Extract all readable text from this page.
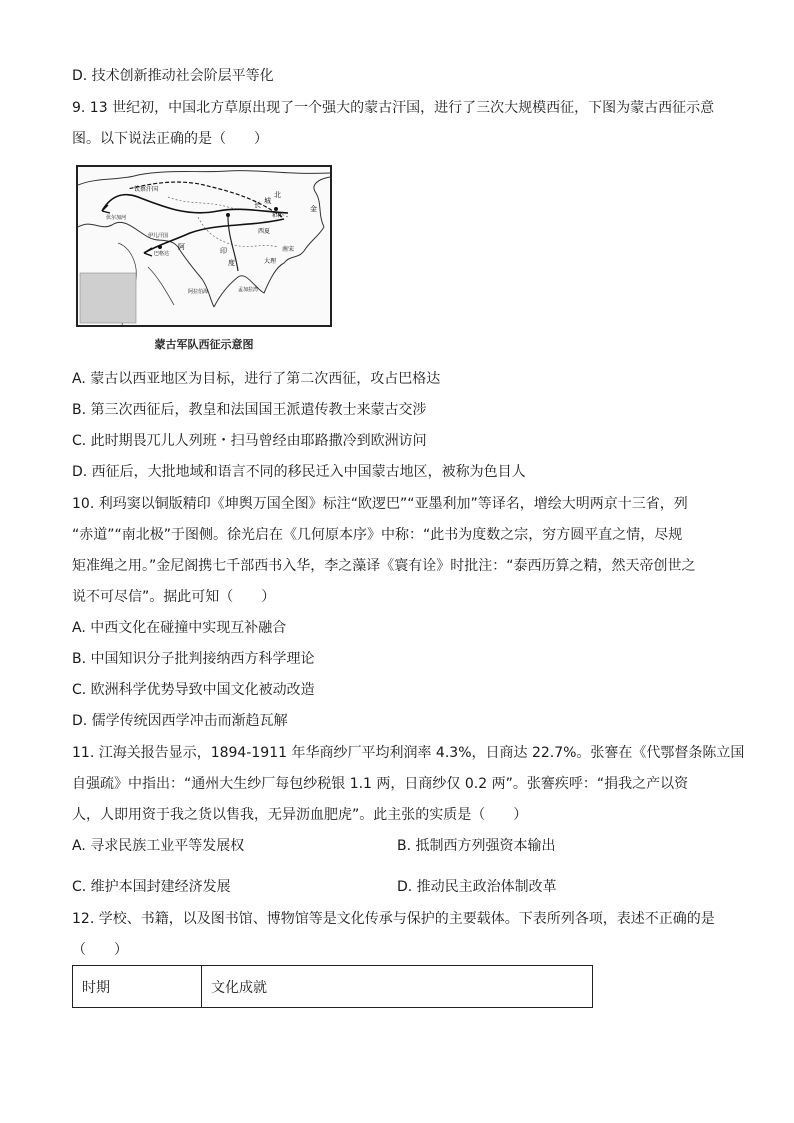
D. 技术创新推动社会阶层平等化
9. 13 世纪初，中国北方草原出现了一个强大的蒙古汗国，进行了三次大规模西征，下图为蒙古西征示意
图。以下说法正确的是（　　）
钦察汗国
伏尔加河
长 城
北
和林
金
西夏
大理
南宋
伊儿汗国
巴格达
阿拉伯海	孟加拉湾
阿	印
度
蒙古军队西征示意图
A. 蒙古以西亚地区为目标，进行了第二次西征，攻占巴格达
B. 第三次西征后，教皇和法国国王派遣传教士来蒙古交涉
C. 此时期畏兀儿人列班・扫马曾经由耶路撒冷到欧洲访问
D. 西征后，大批地域和语言不同的移民迁入中国蒙古地区，被称为色目人
10. 利玛窦以铜版精印《坤舆万国全图》标注“欧逻巴”“亚墨利加”等译名，增绘大明两京十三省，列
“赤道”“南北极”于图侧。徐光启在《几何原本序》中称：“此书为度数之宗，穷方圆平直之情，尽规
矩准绳之用。”金尼阁携七千部西书入华，李之藻译《寰有诠》时批注：“泰西历算之精，然天帝创世之
说不可尽信”。据此可知（　　）
A. 中西文化在碰撞中实现互补融合
B. 中国知识分子批判接纳西方科学理论
C. 欧洲科学优势导致中国文化被动改造
D. 儒学传统因西学冲击而渐趋瓦解
11. 江海关报告显示，1894-1911 年华商纱厂平均利润率 4.3%，日商达 22.7%。张謇在《代鄂督条陈立国
自强疏》中指出：“通州大生纱厂每包纱税银 1.1 两，日商纱仅 0.2 两”。张謇疾呼：“捐我之产以资
人，人即用资于我之货以售我，无异沥血肥虎”。此主张的实质是（　　）
A. 寻求民族工业平等发展权	B. 抵制西方列强资本输出
C. 维护本国封建经济发展	D. 推动民主政治体制改革
12. 学校、书籍，以及图书馆、博物馆等是文化传承与保护的主要载体。下表所列各项，表述不正确的是
（　　）
时期	文化成就
